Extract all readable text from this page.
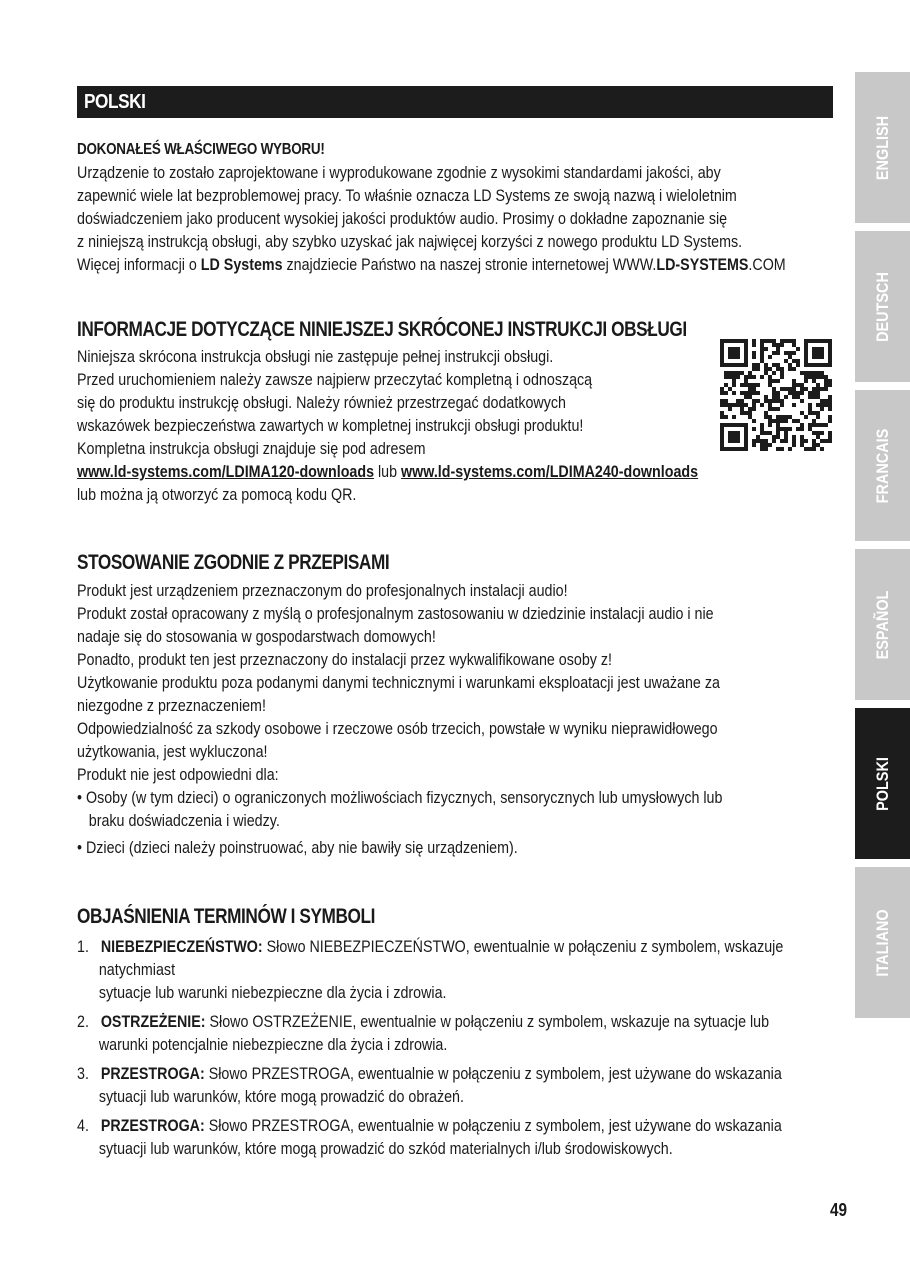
POLSKI
DOKONAŁEŚ WŁAŚCIWEGO WYBORU!
Urządzenie to zostało zaprojektowane i wyprodukowane zgodnie z wysokimi standardami jakości, aby
zapewnić wiele lat bezproblemowej pracy. To właśnie oznacza LD Systems ze swoją nazwą i wieloletnim
doświadczeniem jako producent wysokiej jakości produktów audio. Prosimy o dokładne zapoznanie się
z niniejszą instrukcją obsługi, aby szybko uzyskać jak najwięcej korzyści z nowego produktu LD Systems.
Więcej informacji o LD Systems znajdziecie Państwo na naszej stronie internetowej WWW.LD-SYSTEMS.COM
INFORMACJE DOTYCZĄCE NINIEJSZEJ SKRÓCONEJ INSTRUKCJI OBSŁUGI
Niniejsza skrócona instrukcja obsługi nie zastępuje pełnej instrukcji obsługi.
Przed uruchomieniem należy zawsze najpierw przeczytać kompletną i odnoszącą
się do produktu instrukcję obsługi. Należy również przestrzegać dodatkowych
wskazówek bezpieczeństwa zawartych w kompletnej instrukcji obsługi produktu!
Kompletna instrukcja obsługi znajduje się pod adresem
www.ld-systems.com/LDIMA120-downloads lub www.ld-systems.com/LDIMA240-downloads
lub można ją otworzyć za pomocą kodu QR.
STOSOWANIE ZGODNIE Z PRZEPISAMI
Produkt jest urządzeniem przeznaczonym do profesjonalnych instalacji audio!
Produkt został opracowany z myślą o profesjonalnym zastosowaniu w dziedzinie instalacji audio i nie
nadaje się do stosowania w gospodarstwach domowych!
Ponadto, produkt ten jest przeznaczony do instalacji przez wykwalifikowane osoby z!
Użytkowanie produktu poza podanymi danymi technicznymi i warunkami eksploatacji jest uważane za
niezgodne z przeznaczeniem!
Odpowiedzialność za szkody osobowe i rzeczowe osób trzecich, powstałe w wyniku nieprawidłowego
użytkowania, jest wykluczona!
Produkt nie jest odpowiedni dla:
• Osoby (w tym dzieci) o ograniczonych możliwościach fizycznych, sensorycznych lub umysłowych lub
braku doświadczenia i wiedzy.
• Dzieci (dzieci należy poinstruować, aby nie bawiły się urządzeniem).
OBJAŚNIENIA TERMINÓW I SYMBOLI
1. NIEBEZPIECZEŃSTWO: Słowo NIEBEZPIECZEŃSTWO, ewentualnie w połączeniu z symbolem, wskazuje
natychmiast
sytuacje lub warunki niebezpieczne dla życia i zdrowia.
2. OSTRZEŻENIE: Słowo OSTRZEŻENIE, ewentualnie w połączeniu z symbolem, wskazuje na sytuacje lub
warunki potencjalnie niebezpieczne dla życia i zdrowia.
3. PRZESTROGA: Słowo PRZESTROGA, ewentualnie w połączeniu z symbolem, jest używane do wskazania
sytuacji lub warunków, które mogą prowadzić do obrażeń.
4. PRZESTROGA: Słowo PRZESTROGA, ewentualnie w połączeniu z symbolem, jest używane do wskazania
sytuacji lub warunków, które mogą prowadzić do szkód materialnych i/lub środowiskowych.
ENGLISH
DEUTSCH
FRANCAIS
ESPAÑOL
POLSKI
ITALIANO
49
